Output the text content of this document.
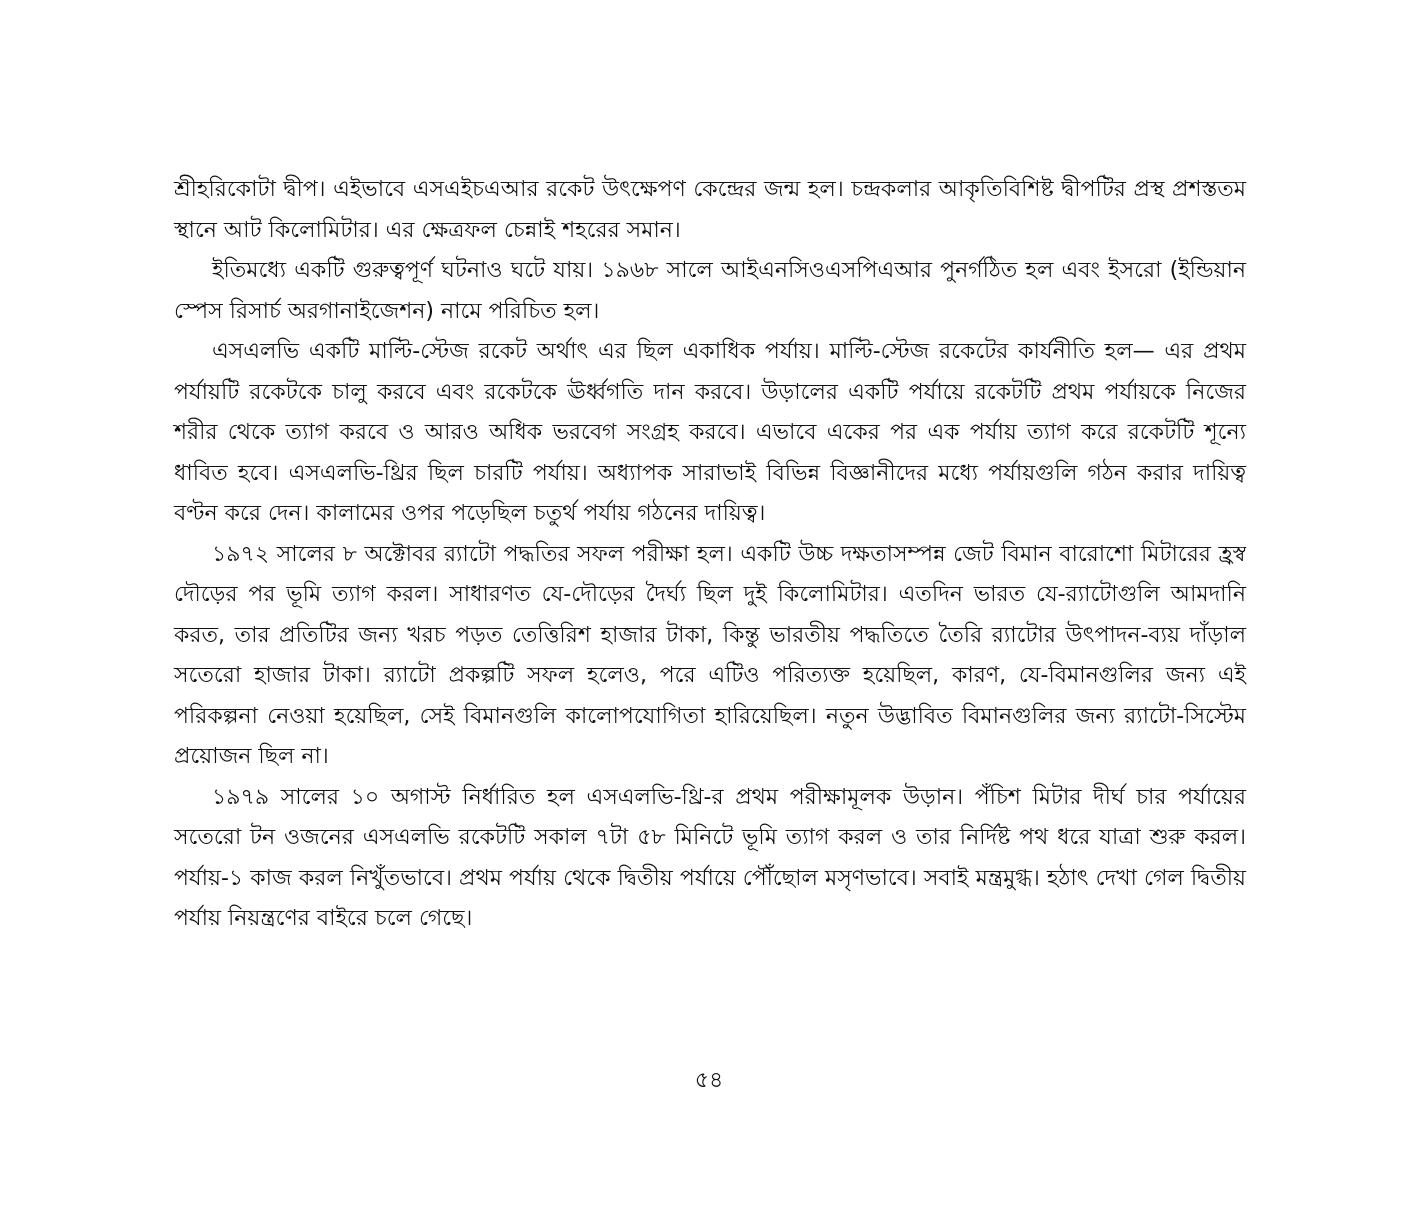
শ্রীহরিকোটা দ্বীপ। এইভাবে এসএইচএআর রকেট উৎক্ষেপণ কেন্দ্রের জন্ম হল। চন্দ্রকলার আকৃতিবিশিষ্ট দ্বীপটির প্রস্থ প্রশস্ততম স্থানে আট কিলোমিটার। এর ক্ষেত্রফল চেন্নাই শহরের সমান।

ইতিমধ্যে একটি গুরুত্বপূর্ণ ঘটনাও ঘটে যায়। ১৯৬৮ সালে আইএনসিওএসপিএআর পুনর্গঠিত হল এবং ইসরো (ইন্ডিয়ান স্পেস রিসার্চ অরগানাইজেশন) নামে পরিচিত হল।

এসএলভি একটি মাল্টি-স্টেজ রকেট অর্থাৎ এর ছিল একাধিক পর্যায়। মাল্টি-স্টেজ রকেটের কার্যনীতি হল— এর প্রথম পর্যায়টি রকেটকে চালু করবে এবং রকেটকে ঊর্ধ্বগতি দান করবে। উড়ালের একটি পর্যায়ে রকেটটি প্রথম পর্যায়কে নিজের শরীর থেকে ত্যাগ করবে ও আরও অধিক ভরবেগ সংগ্রহ করবে। এভাবে একের পর এক পর্যায় ত্যাগ করে রকেটটি শূন্যে ধাবিত হবে। এসএলভি-থ্রির ছিল চারটি পর্যায়। অধ্যাপক সারাভাই বিভিন্ন বিজ্ঞানীদের মধ্যে পর্যায়গুলি গঠন করার দায়িত্ব বণ্টন করে দেন। কালামের ওপর পড়েছিল চতুর্থ পর্যায় গঠনের দায়িত্ব।

১৯৭২ সালের ৮ অক্টোবর র‍্যাটো পদ্ধতির সফল পরীক্ষা হল। একটি উচ্চ দক্ষতাসম্পন্ন জেট বিমান বারোশো মিটারের হ্রস্ব দৌড়ের পর ভূমি ত্যাগ করল। সাধারণত যে-দৌড়ের দৈর্ঘ্য ছিল দুই কিলোমিটার। এতদিন ভারত যে-র‍্যাটোগুলি আমদানি করত, তার প্রতিটির জন্য খরচ পড়ত তেত্তিরিশ হাজার টাকা, কিন্তু ভারতীয় পদ্ধতিতে তৈরি র‍্যাটোর উৎপাদন-ব্যয় দাঁড়াল সতেরো হাজার টাকা। র‍্যাটো প্রকল্পটি সফল হলেও, পরে এটিও পরিত্যক্ত হয়েছিল, কারণ, যে-বিমানগুলির জন্য এই পরিকল্পনা নেওয়া হয়েছিল, সেই বিমানগুলি কালোপযোগিতা হারিয়েছিল। নতুন উদ্ভাবিত বিমানগুলির জন্য র‍্যাটো-সিস্টেম প্রয়োজন ছিল না।

১৯৭৯ সালের ১০ অগাস্ট নির্ধারিত হল এসএলভি-থ্রি-র প্রথম পরীক্ষামূলক উড়ান। পঁচিশ মিটার দীর্ঘ চার পর্যায়ের সতেরো টন ওজনের এসএলভি রকেটটি সকাল ৭টা ৫৮ মিনিটে ভূমি ত্যাগ করল ও তার নির্দিষ্ট পথ ধরে যাত্রা শুরু করল। পর্যায়-১ কাজ করল নিখুঁতভাবে। প্রথম পর্যায় থেকে দ্বিতীয় পর্যায়ে পৌঁছোল মসৃণভাবে। সবাই মন্ত্রমুগ্ধ। হঠাৎ দেখা গেল দ্বিতীয় পর্যায় নিয়ন্ত্রণের বাইরে চলে গেছে।

৫৪
